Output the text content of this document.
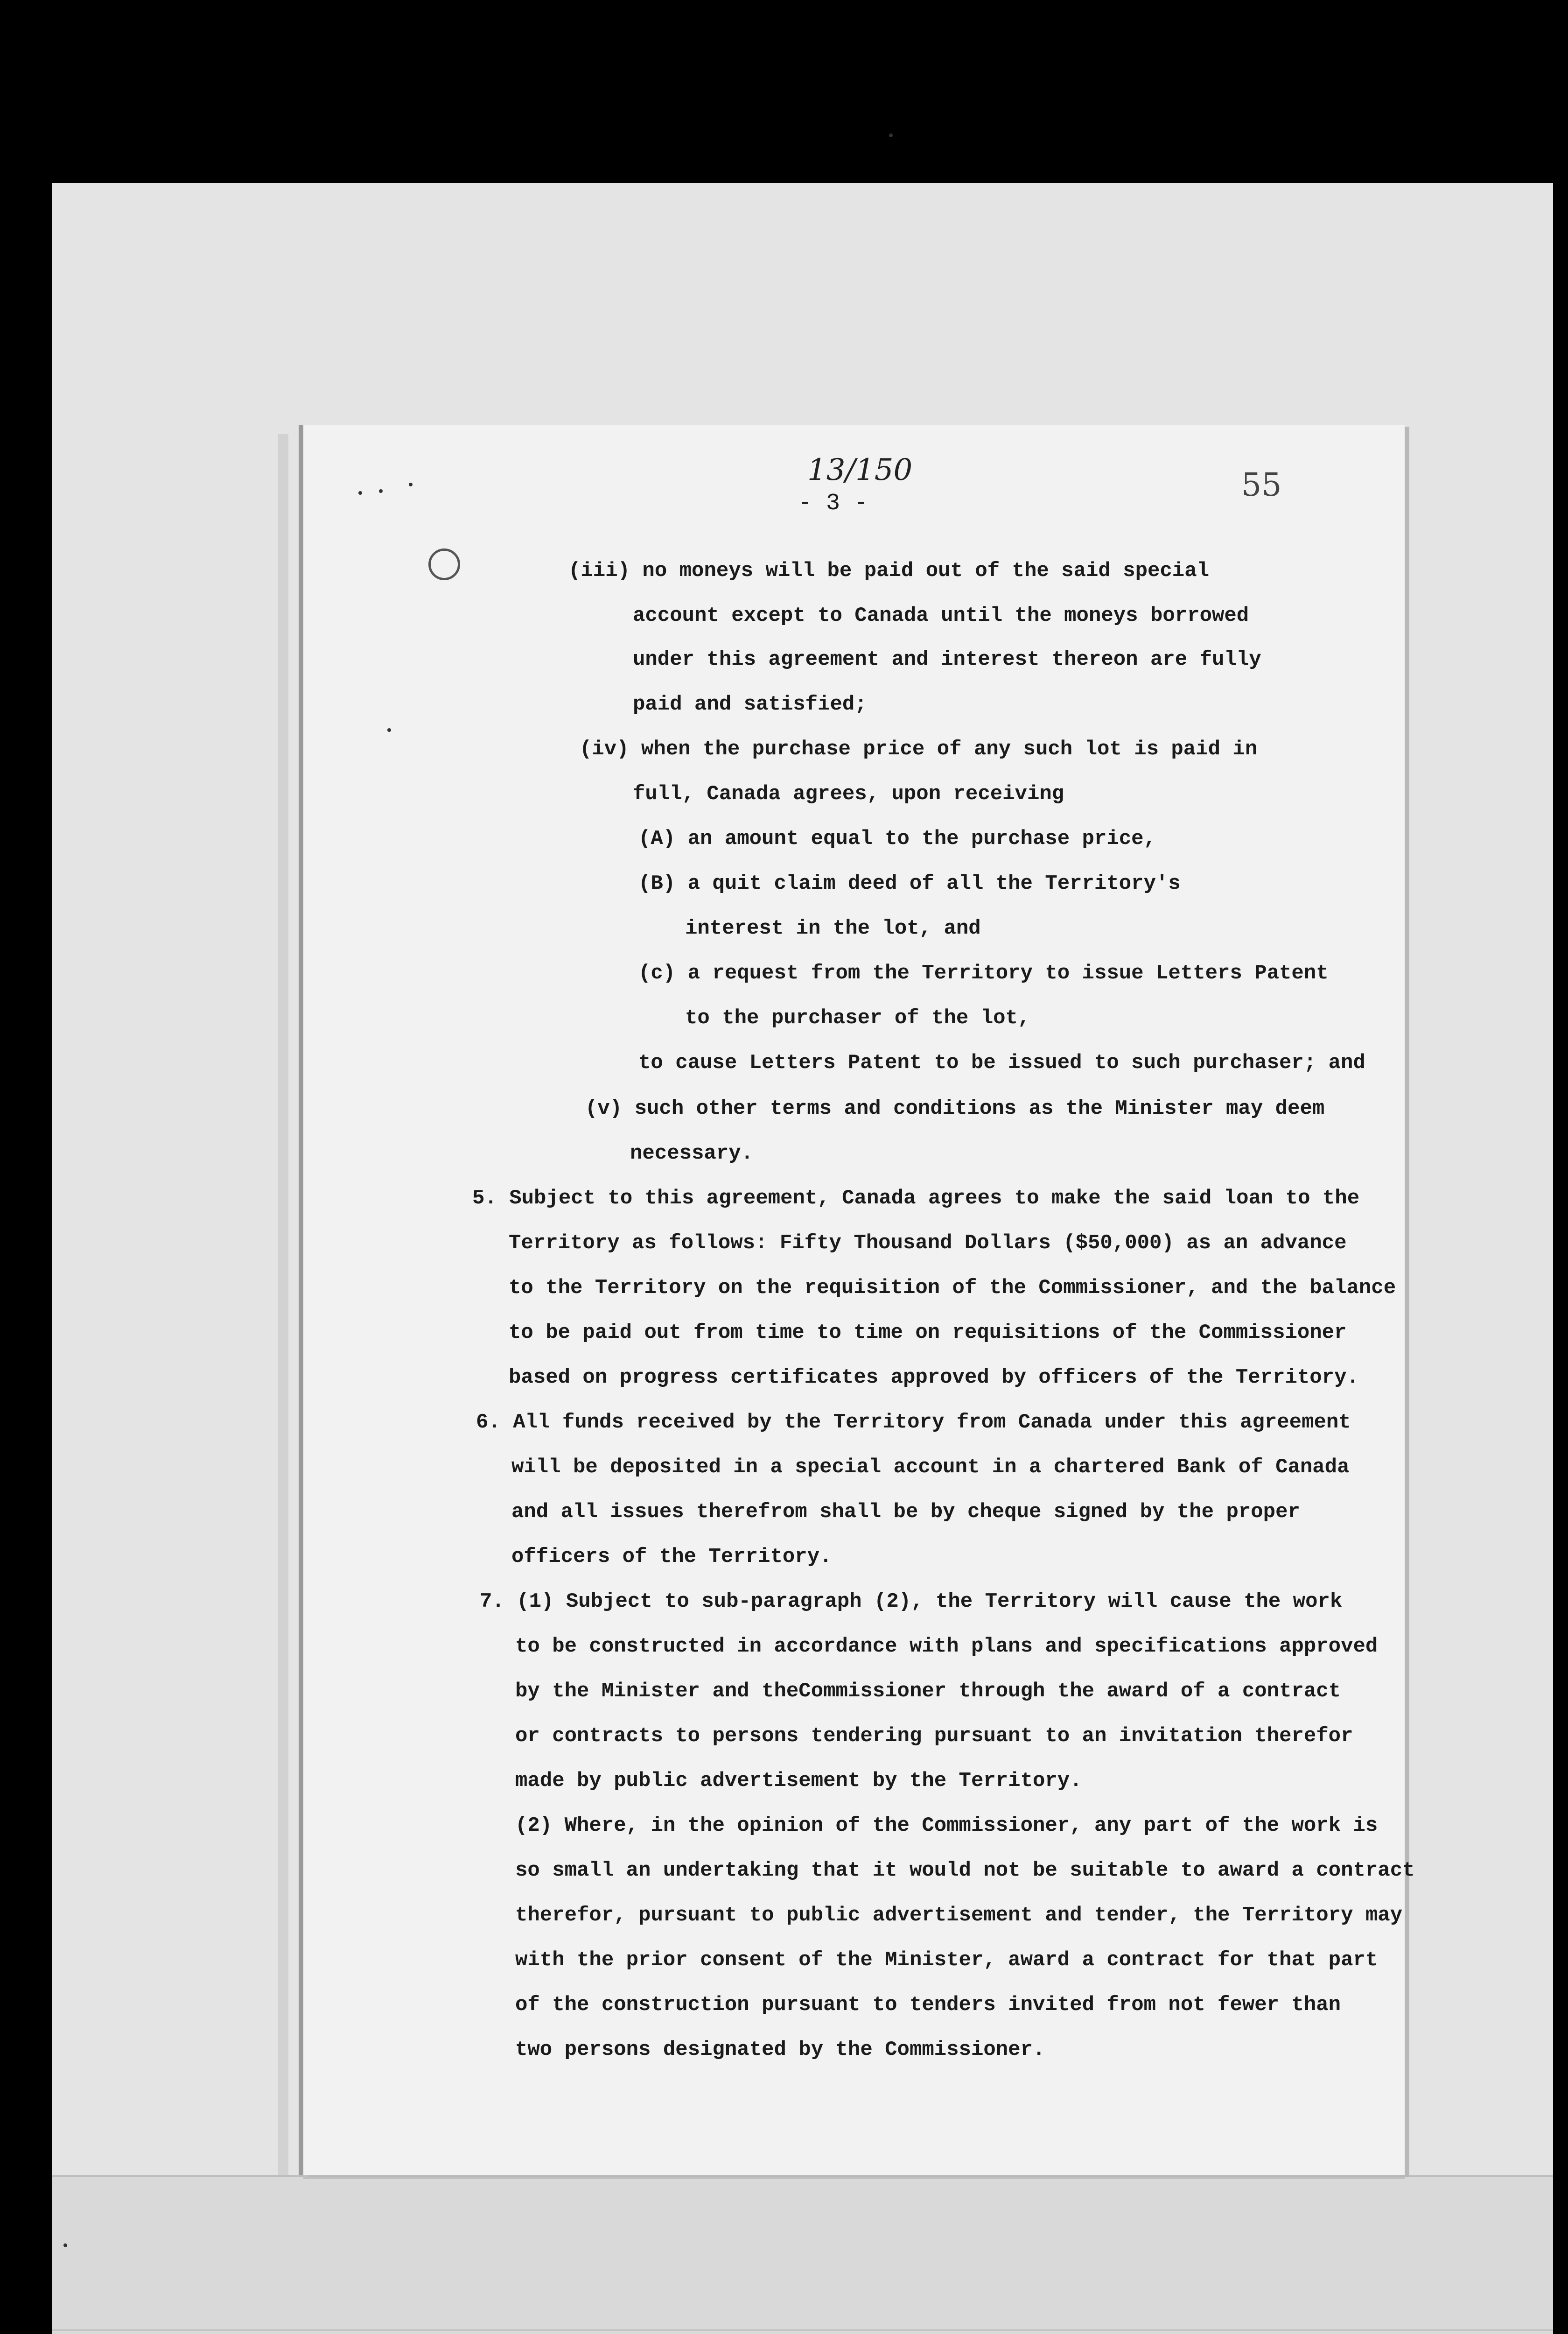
13/150
- 3 -	55
(iii) no moneys will be paid out of the said special
account except to Canada until the moneys borrowed
under this agreement and interest thereon are fully
paid and satisfied;
(iv) when the purchase price of any such lot is paid in
full, Canada agrees, upon receiving
(A) an amount equal to the purchase price,
(B) a quit claim deed of all the Territory's
interest in the lot, and
(c) a request from the Territory to issue Letters Patent
to the purchaser of the lot,
to cause Letters Patent to be issued to such purchaser; and
(v) such other terms and conditions as the Minister may deem
necessary.
5. Subject to this agreement, Canada agrees to make the said loan to the
Territory as follows: Fifty Thousand Dollars ($50,000) as an advance
to the Territory on the requisition of the Commissioner, and the balance
to be paid out from time to time on requisitions of the Commissioner
based on progress certificates approved by officers of the Territory.
6. All funds received by the Territory from Canada under this agreement
will be deposited in a special account in a chartered Bank of Canada
and all issues therefrom shall be by cheque signed by the proper
officers of the Territory.
7. (1) Subject to sub-paragraph (2), the Territory will cause the work
to be constructed in accordance with plans and specifications approved
by the Minister and theCommissioner through the award of a contract
or contracts to persons tendering pursuant to an invitation therefor
made by public advertisement by the Territory.
(2) Where, in the opinion of the Commissioner, any part of the work is
so small an undertaking that it would not be suitable to award a contract
therefor, pursuant to public advertisement and tender, the Territory may
with the prior consent of the Minister, award a contract for that part
of the construction pursuant to tenders invited from not fewer than
two persons designated by the Commissioner.
